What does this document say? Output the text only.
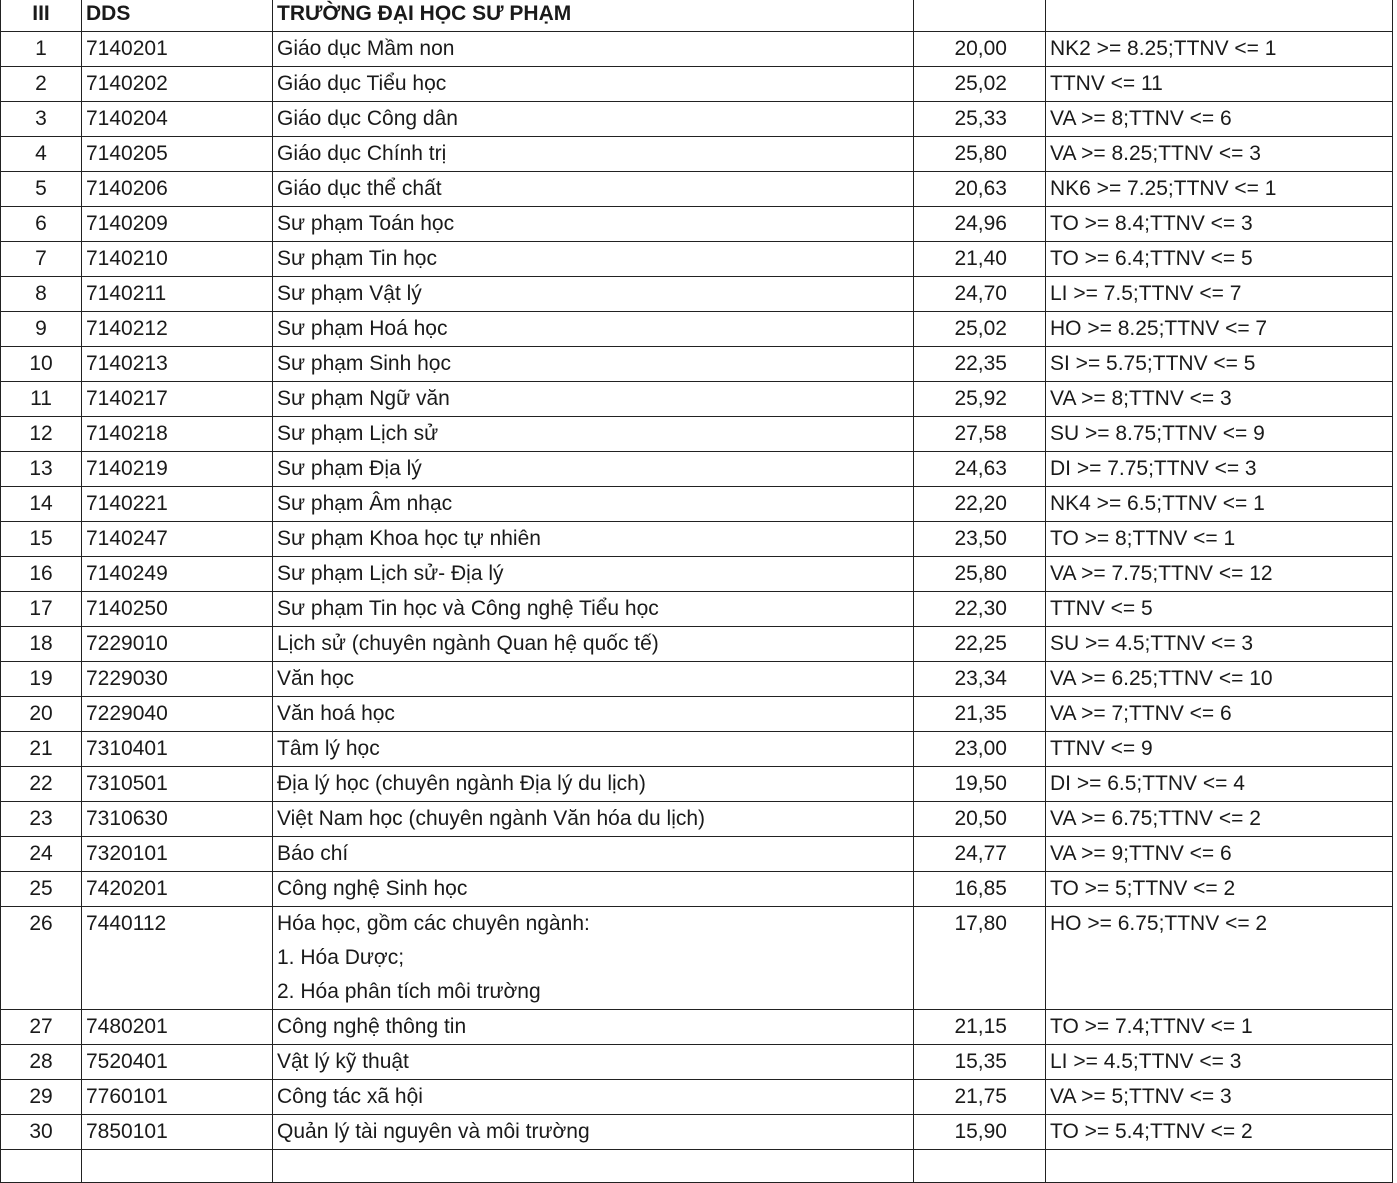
III	DDS	TRƯỜNG ĐẠI HỌC SƯ PHẠM		
1	7140201	Giáo dục Mầm non	20,00	NK2 >= 8.25;TTNV <= 1
2	7140202	Giáo dục Tiểu học	25,02	TTNV <= 11
3	7140204	Giáo dục Công dân	25,33	VA >= 8;TTNV <= 6
4	7140205	Giáo dục Chính trị	25,80	VA >= 8.25;TTNV <= 3
5	7140206	Giáo dục thể chất	20,63	NK6 >= 7.25;TTNV <= 1
6	7140209	Sư phạm Toán học	24,96	TO >= 8.4;TTNV <= 3
7	7140210	Sư phạm Tin học	21,40	TO >= 6.4;TTNV <= 5
8	7140211	Sư phạm Vật lý	24,70	LI >= 7.5;TTNV <= 7
9	7140212	Sư phạm Hoá học	25,02	HO >= 8.25;TTNV <= 7
10	7140213	Sư phạm Sinh học	22,35	SI >= 5.75;TTNV <= 5
11	7140217	Sư phạm Ngữ văn	25,92	VA >= 8;TTNV <= 3
12	7140218	Sư phạm Lịch sử	27,58	SU >= 8.75;TTNV <= 9
13	7140219	Sư phạm Địa lý	24,63	DI >= 7.75;TTNV <= 3
14	7140221	Sư phạm Âm nhạc	22,20	NK4 >= 6.5;TTNV <= 1
15	7140247	Sư phạm Khoa học tự nhiên	23,50	TO >= 8;TTNV <= 1
16	7140249	Sư phạm Lịch sử- Địa lý	25,80	VA >= 7.75;TTNV <= 12
17	7140250	Sư phạm Tin học và Công nghệ Tiểu học	22,30	TTNV <= 5
18	7229010	Lịch sử (chuyên ngành Quan hệ quốc tế)	22,25	SU >= 4.5;TTNV <= 3
19	7229030	Văn học	23,34	VA >= 6.25;TTNV <= 10
20	7229040	Văn hoá học	21,35	VA >= 7;TTNV <= 6
21	7310401	Tâm lý học	23,00	TTNV <= 9
22	7310501	Địa lý học (chuyên ngành Địa lý du lịch)	19,50	DI >= 6.5;TTNV <= 4
23	7310630	Việt Nam học (chuyên ngành Văn hóa du lịch)	20,50	VA >= 6.75;TTNV <= 2
24	7320101	Báo chí	24,77	VA >= 9;TTNV <= 6
25	7420201	Công nghệ Sinh học	16,85	TO >= 5;TTNV <= 2
26	7440112	Hóa học, gồm các chuyên ngành:
1. Hóa Dược;
2. Hóa phân tích môi trường	17,80	HO >= 6.75;TTNV <= 2
27	7480201	Công nghệ thông tin	21,15	TO >= 7.4;TTNV <= 1
28	7520401	Vật lý kỹ thuật	15,35	LI >= 4.5;TTNV <= 3
29	7760101	Công tác xã hội	21,75	VA >= 5;TTNV <= 3
30	7850101	Quản lý tài nguyên và môi trường	15,90	TO >= 5.4;TTNV <= 2
